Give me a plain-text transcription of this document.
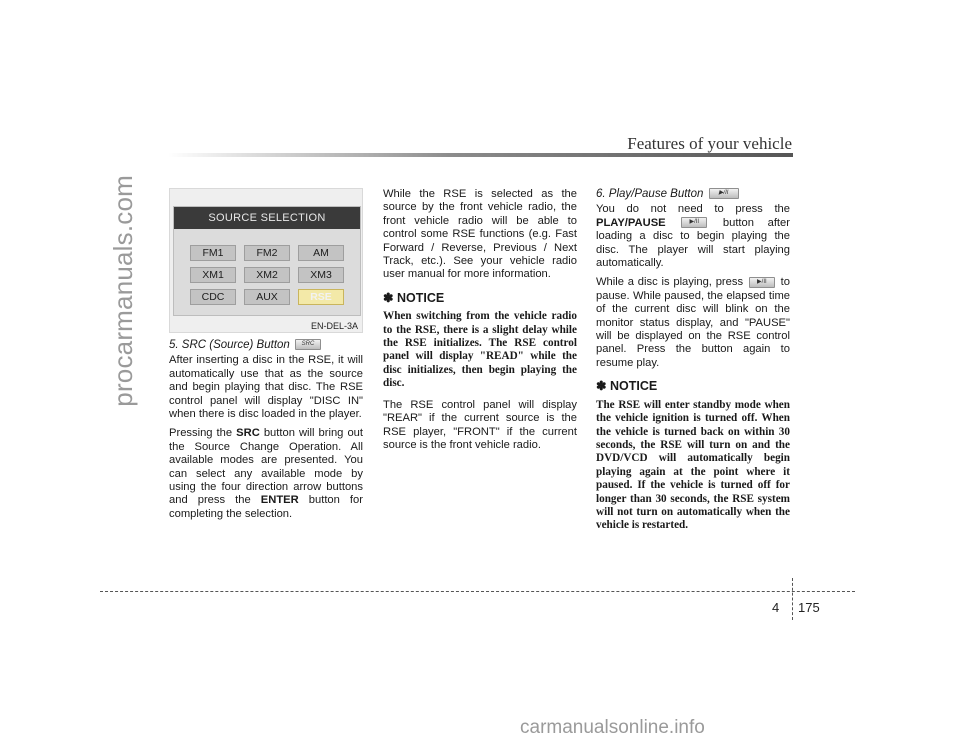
procarmanuals.com
carmanualsonline.info
Features of your vehicle
SOURCE SELECTION
FM1	FM2	AM
XM1	XM2	XM3
CDC	AUX	RSE
EN-DEL-3A
5. SRC (Source) Button SRC

After inserting a disc in the RSE, it will automatically use that as the source and begin playing that disc. The RSE control panel will display "DISC IN" when there is disc loaded in the player.

Pressing the SRC button will bring out the Source Change Operation. All available modes are presented. You can select any available mode by using the four direction arrow buttons and press the ENTER button for completing the selection.

While the RSE is selected as the source by the front vehicle radio, the front vehicle radio will be able to control some RSE functions (e.g. Fast Forward / Reverse, Previous / Next Track, etc.). See your vehicle radio user manual for more information.

✽ NOTICE

When switching from the vehicle radio to the RSE, there is a slight delay while the RSE initializes. The RSE control panel will display "READ" while the disc initializes, then begin playing the disc.

The RSE control panel will display "REAR" if the current source is the RSE player, "FRONT" if the current source is the front vehicle radio.

6. Play/Pause Button	▶/II

You do not need to press the PLAY/PAUSE	▶/II button after loading a disc to begin playing the disc. The player will start playing automatically.

While a disc is playing, press ▶/II to pause. While paused, the elapsed time of the current disc will blink on the monitor status display, and "PAUSE" will be displayed on the RSE control panel. Press the button again to resume play.

✽ NOTICE

The RSE will enter standby mode when the vehicle ignition is turned off. When the vehicle is turned back on within 30 seconds, the RSE will turn on and the DVD/VCD will automatically begin playing again at the point where it paused. If the vehicle is turned off for longer than 30 seconds, the RSE system will not turn on automatically when the vehicle is restarted.

4 175
